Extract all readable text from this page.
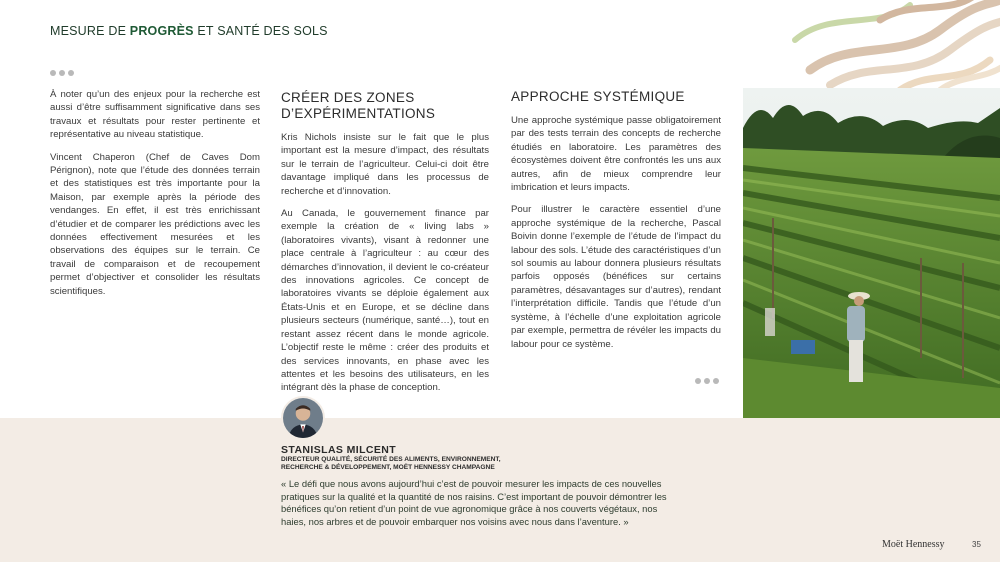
MESURE DE PROGRÈS ET SANTÉ DES SOLS

À noter qu’un des enjeux pour la recherche est aussi d’être suffisamment significative dans ses travaux et résultats pour rester pertinente et représentative au niveau statistique.

Vincent Chaperon (Chef de Caves Dom Pérignon), note que l’étude des données terrain et des statistiques est très importante pour la Maison, par exemple après la période des vendanges. En effet, il est très enrichissant d’étudier et de comparer les prédictions avec les données effectivement mesurées et les observations des équipes sur le terrain. Ce travail de comparaison et de recoupement permet d’objectiver et consolider les résultats scientifiques.

CRÉER DES ZONES D’EXPÉRIMENTATIONS

Kris Nichols insiste sur le fait que le plus important est la mesure d’impact, des résultats sur le terrain de l’agriculteur. Celui-ci doit être davantage impliqué dans les processus de recherche et d’innovation.

Au Canada, le gouvernement finance par exemple la création de « living labs » (laboratoires vivants), visant à redonner une place centrale à l’agriculteur : au cœur des démarches d’innovation, il devient le co-créateur des innovations agricoles. Ce concept de laboratoires vivants se déploie également aux États-Unis et en Europe, et se décline dans plusieurs secteurs (numérique, santé…), tout en restant assez récent dans le monde agricole. L’objectif reste le même : créer des produits et des services innovants, en phase avec les attentes et les besoins des utilisateurs, en les intégrant dès la phase de conception.

APPROCHE SYSTÉMIQUE

Une approche systémique passe obligatoirement par des tests terrain des concepts de recherche étudiés en laboratoire. Les paramètres des écosystèmes doivent être confrontés les uns aux autres, afin de mieux comprendre leur imbrication et leurs impacts.

Pour illustrer le caractère essentiel d’une approche systémique de la recherche, Pascal Boivin donne l’exemple de l’étude de l’impact du labour des sols. L’étude des caractéristiques d’un sol soumis au labour donnera plusieurs résultats parfois opposés (bénéfices sur certains paramètres, désavantages sur d’autres), rendant l’interprétation difficile. Tandis que l’étude d’un système, à l’échelle d’une exploitation agricole par exemple, permettra de révéler les impacts du labour pour ce système.

STANISLAS MILCENT
DIRECTEUR QUALITÉ, SÉCURITÉ DES ALIMENTS, ENVIRONNEMENT, RECHERCHE & DÉVELOPPEMENT, MOËT HENNESSY CHAMPAGNE
« Le défi que nous avons aujourd’hui c’est de pouvoir mesurer les impacts de ces nouvelles pratiques sur la qualité et la quantité de nos raisins. C’est important de pouvoir démontrer les bénéfices qu’on retient d’un point de vue agronomique grâce à nos couverts végétaux, nos haies, nos arbres et de pouvoir embarquer nos voisins avec nous dans l’aventure. »
Moët Hennessy	35
